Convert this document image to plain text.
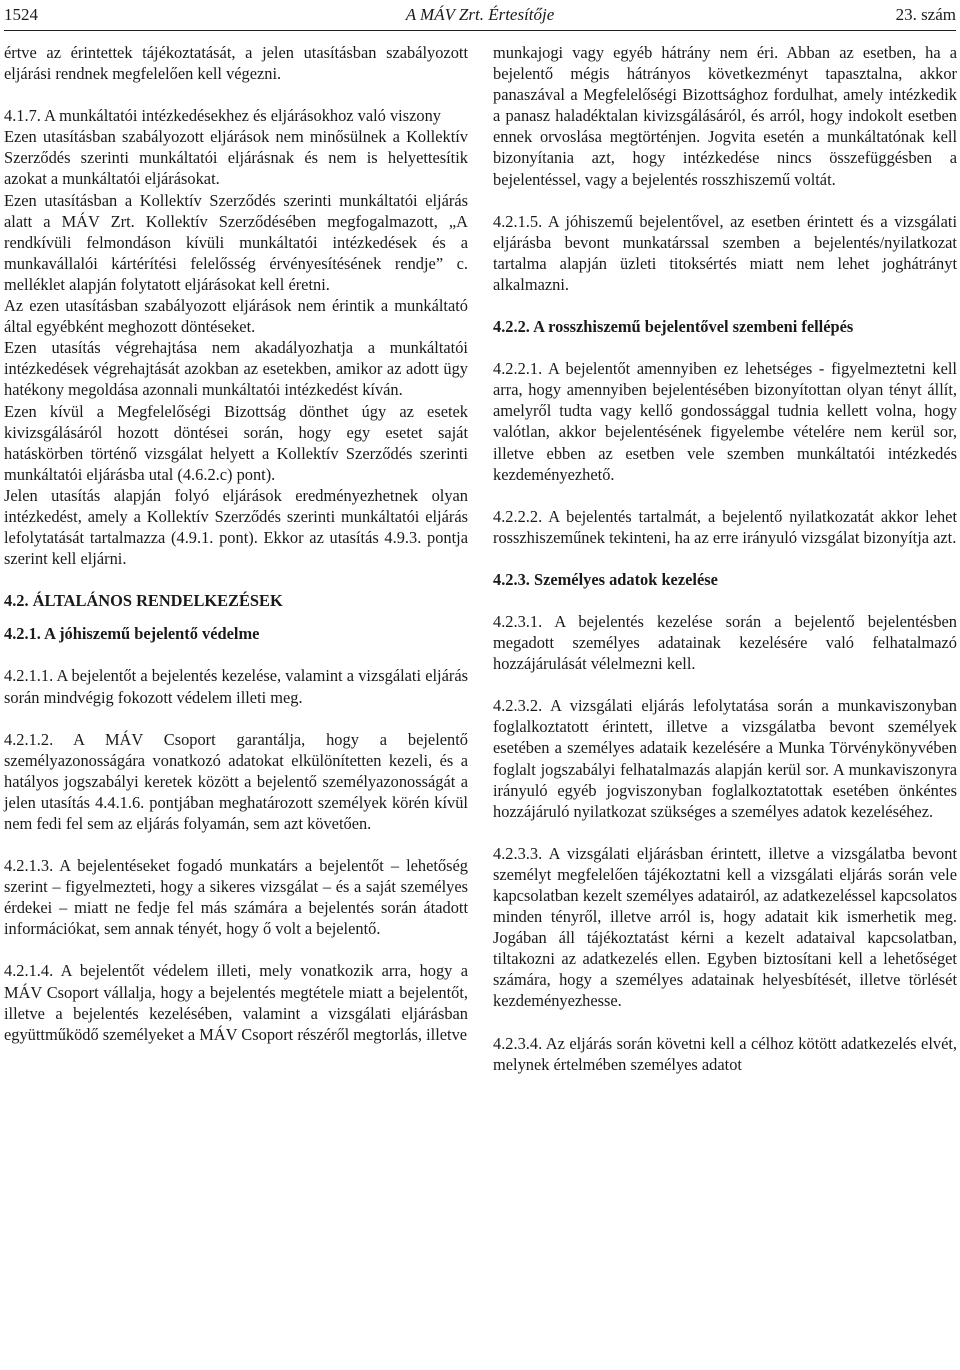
1524	A MÁV Zrt. Értesítője	23. szám

értve az érintettek tájékoztatását, a jelen utasításban szabályozott eljárási rendnek megfelelően kell végezni.

4.1.7. A munkáltatói intézkedésekhez és eljárásokhoz való viszony

Ezen utasításban szabályozott eljárások nem minősülnek a Kollektív Szerződés szerinti munkáltatói eljárásnak és nem is helyettesítik azokat a munkáltatói eljárásokat.

Ezen utasításban a Kollektív Szerződés szerinti munkáltatói eljárás alatt a MÁV Zrt. Kollektív Szerződésében megfogalmazott, „A rendkívüli felmondáson kívüli munkáltatói intézkedések és a munkavállalói kártérítési felelősség érvényesítésének rendje” c. melléklet alapján folytatott eljárásokat kell éretni.

Az ezen utasításban szabályozott eljárások nem érintik a munkáltató által egyébként meghozott döntéseket.

Ezen utasítás végrehajtása nem akadályozhatja a munkáltatói intézkedések végrehajtását azokban az esetekben, amikor az adott ügy hatékony megoldása azonnali munkáltatói intézkedést kíván.

Ezen kívül a Megfelelőségi Bizottság dönthet úgy az esetek kivizsgálásáról hozott döntései során, hogy egy esetet saját hatáskörben történő vizsgálat helyett a Kollektív Szerződés szerinti munkáltatói eljárásba utal (4.6.2.c) pont).

Jelen utasítás alapján folyó eljárások eredményezhetnek olyan intézkedést, amely a Kollektív Szerződés szerinti munkáltatói eljárás lefolytatását tartalmazza (4.9.1. pont). Ekkor az utasítás 4.9.3. pontja szerint kell eljárni.

4.2. ÁLTALÁNOS RENDELKEZÉSEK
4.2.1. A jóhiszemű bejelentő védelme

4.2.1.1. A bejelentőt a bejelentés kezelése, valamint a vizsgálati eljárás során mindvégig fokozott védelem illeti meg.

4.2.1.2. A MÁV Csoport garantálja, hogy a bejelentő személyazonosságára vonatkozó adatokat elkülönítetten kezeli, és a hatályos jogszabályi keretek között a bejelentő személyazonosságát a jelen utasítás 4.4.1.6. pontjában meghatározott személyek körén kívül nem fedi fel sem az eljárás folyamán, sem azt követően.

4.2.1.3. A bejelentéseket fogadó munkatárs a bejelentőt – lehetőség szerint – figyelmezteti, hogy a sikeres vizsgálat – és a saját személyes érdekei – miatt ne fedje fel más számára a bejelentés során átadott információkat, sem annak tényét, hogy ő volt a bejelentő.

4.2.1.4. A bejelentőt védelem illeti, mely vonatkozik arra, hogy a MÁV Csoport vállalja, hogy a bejelentés megtétele miatt a bejelentőt, illetve a bejelentés kezelésében, valamint a vizsgálati eljárásban együttműködő személyeket a MÁV Csoport részéről megtorlás, illetve

munkajogi vagy egyéb hátrány nem éri. Abban az esetben, ha a bejelentő mégis hátrányos következményt tapasztalna, akkor panaszával a Megfelelőségi Bizottsághoz fordulhat, amely intézkedik a panasz haladéktalan kivizsgálásáról, és arról, hogy indokolt esetben ennek orvoslása megtörténjen. Jogvita esetén a munkáltatónak kell bizonyítania azt, hogy intézkedése nincs összefüggésben a bejelentéssel, vagy a bejelentés rosszhiszemű voltát.

4.2.1.5. A jóhiszemű bejelentővel, az esetben érintett és a vizsgálati eljárásba bevont munkatárssal szemben a bejelentés/nyilatkozat tartalma alapján üzleti titoksértés miatt nem lehet joghátrányt alkalmazni.

4.2.2. A rosszhiszemű bejelentővel szembeni fellépés

4.2.2.1. A bejelentőt amennyiben ez lehetséges - figyelmeztetni kell arra, hogy amennyiben bejelentésében bizonyítottan olyan tényt állít, amelyről tudta vagy kellő gondossággal tudnia kellett volna, hogy valótlan, akkor bejelentésének figyelembe vételére nem kerül sor, illetve ebben az esetben vele szemben munkáltatói intézkedés kezdeményezhető.

4.2.2.2. A bejelentés tartalmát, a bejelentő nyilatkozatát akkor lehet rosszhiszeműnek tekinteni, ha az erre irányuló vizsgálat bizonyítja azt.

4.2.3. Személyes adatok kezelése

4.2.3.1. A bejelentés kezelése során a bejelentő bejelentésben megadott személyes adatainak kezelésére való felhatalmazó hozzájárulását vélelmezni kell.

4.2.3.2. A vizsgálati eljárás lefolytatása során a munkaviszonyban foglalkoztatott érintett, illetve a vizsgálatba bevont személyek esetében a személyes adataik kezelésére a Munka Törvénykönyvében foglalt jogszabályi felhatalmazás alapján kerül sor. A munkaviszonyra irányuló egyéb jogviszonyban foglalkoztatottak esetében önkéntes hozzájáruló nyilatkozat szükséges a személyes adatok kezeléséhez.

4.2.3.3. A vizsgálati eljárásban érintett, illetve a vizsgálatba bevont személyt megfelelően tájékoztatni kell a vizsgálati eljárás során vele kapcsolatban kezelt személyes adatairól, az adatkezeléssel kapcsolatos minden tényről, illetve arról is, hogy adatait kik ismerhetik meg. Jogában áll tájékoztatást kérni a kezelt adataival kapcsolatban, tiltakozni az adatkezelés ellen. Egyben biztosítani kell a lehetőséget számára, hogy a személyes adatainak helyesbítését, illetve törlését kezdeményezhesse.

4.2.3.4. Az eljárás során követni kell a célhoz kötött adatkezelés elvét, melynek értelmében személyes adatot
